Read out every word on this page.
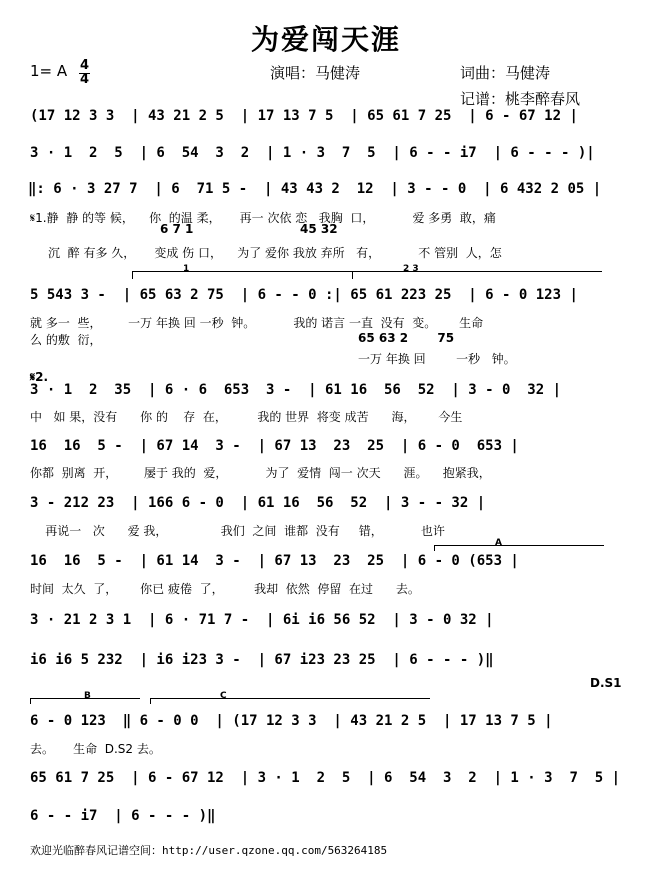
为爱闯天涯
1= A 4
4	演唱：马健涛	词曲：马健涛
记谱：桃李醉春风
(17 12 3 3  | 43 21 2 5  | 17 13 7 5  | 65 61 7 25  | 6 - 67 12 |
3 · 1  2  5  | 6  54  3  2  | 1 · 3  7  5  | 6 - - i7  | 6 - - - )|
‖: 6 · 3 27 7  | 6  71 5 -  | 43 43 2  12  | 3 - - 0  | 6 432 2 05 |
𝄋1.静  静 的等 候，    你  的温 柔，     再一 次依 恋   我胸  口，          爱 多勇  敢，痛
6 7 1	45 32
沉  醉 有多 久，     变成 伤 口，    为了 爱你 我放 弃所   有，          不 管别  人，怎
1	2 3
5 543 3 -  | 65 63 2 75  | 6 - - 0 :| 65 61 223 25  | 6 - 0 123 |
就 多一  些，       一万 年换 回 一秒  钟。          我的 诺言 一直  没有  变。      生命
么 的敷  衍，	65 63 2       75
一万 年换 回        一秒   钟。
𝄋2.
3 · 1  2  35  | 6 · 6  653  3 -  | 61 16  56  52  | 3 - 0  32 |
中   如 果，没有      你 的    存  在，        我的 世界  将变 成苦      海，      今生
16  16  5 -  | 67 14  3 -  | 67 13  23  25  | 6 - 0  653 |
你都  别离  开，       屡于 我的  爱，          为了  爱情  闯一 次天      涯。    抱紧我，
3 - 212 23  | 166 6 - 0  | 61 16  56  52  | 3 - - 32 |
再说一   次      爱 我，              我们  之间  谁都  没有     错，          也许
A
16  16  5 -  | 61 14  3 -  | 67 13  23  25  | 6 - 0 (653 |
时间  太久  了，      你已 疲倦  了，        我却  依然  停留  在过      去。
3 · 21 2 3 1  | 6 · 71 7 -  | 6i i6 56 52  | 3 - 0 32 |
i6 i6 5 232  | i6 i23 3 -  | 67 i23 23 25  | 6 - - - )‖
D.S1
B	C
6 - 0 123  ‖ 6 - 0 0  | (17 12 3 3  | 43 21 2 5  | 17 13 7 5 |
去。     生命  D.S2 去。
65 61 7 25  | 6 - 67 12  | 3 · 1  2  5  | 6  54  3  2  | 1 · 3  7  5 |
6 - - i7  | 6 - - - )‖
欢迎光临醉春风记谱空间：http://user.qzone.qq.com/563264185
